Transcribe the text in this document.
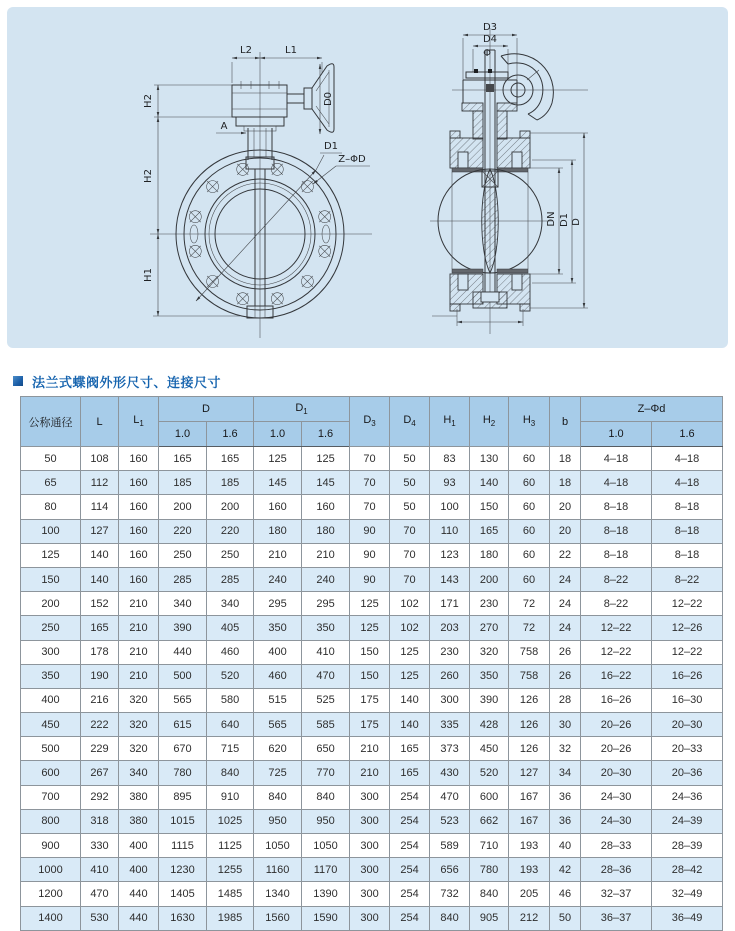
D0
L2	L1
H2
H2
H1
A
D1
Z–ΦD
D3
D4
Φ
DN D1 D
法兰式蝶阀外形尺寸、连接尺寸
公称通径	L	$L_1$	D		$D_1$		$D_3$	$D_4$	$H_1$	$H_2$	$H_3$	b	Z–Φd	
			1.0	1.6	1.0	1.6							1.0	1.6
50	108	160	165	165	125	125	70	50	83	130	60	18	4–18	4–18
65	112	160	185	185	145	145	70	50	93	140	60	18	4–18	4–18
80	114	160	200	200	160	160	70	50	100	150	60	20	8–18	8–18
100	127	160	220	220	180	180	90	70	110	165	60	20	8–18	8–18
125	140	160	250	250	210	210	90	70	123	180	60	22	8–18	8–18
150	140	160	285	285	240	240	90	70	143	200	60	24	8–22	8–22
200	152	210	340	340	295	295	125	102	171	230	72	24	8–22	12–22
250	165	210	390	405	350	350	125	102	203	270	72	24	12–22	12–26
300	178	210	440	460	400	410	150	125	230	320	758	26	12–22	12–22
350	190	210	500	520	460	470	150	125	260	350	758	26	16–22	16–26
400	216	320	565	580	515	525	175	140	300	390	126	28	16–26	16–30
450	222	320	615	640	565	585	175	140	335	428	126	30	20–26	20–30
500	229	320	670	715	620	650	210	165	373	450	126	32	20–26	20–33
600	267	340	780	840	725	770	210	165	430	520	127	34	20–30	20–36
700	292	380	895	910	840	840	300	254	470	600	167	36	24–30	24–36
800	318	380	1015	1025	950	950	300	254	523	662	167	36	24–30	24–39
900	330	400	1115	1125	1050	1050	300	254	589	710	193	40	28–33	28–39
1000	410	400	1230	1255	1160	1170	300	254	656	780	193	42	28–36	28–42
1200	470	440	1405	1485	1340	1390	300	254	732	840	205	46	32–37	32–49
1400	530	440	1630	1985	1560	1590	300	254	840	905	212	50	36–37	36–49
